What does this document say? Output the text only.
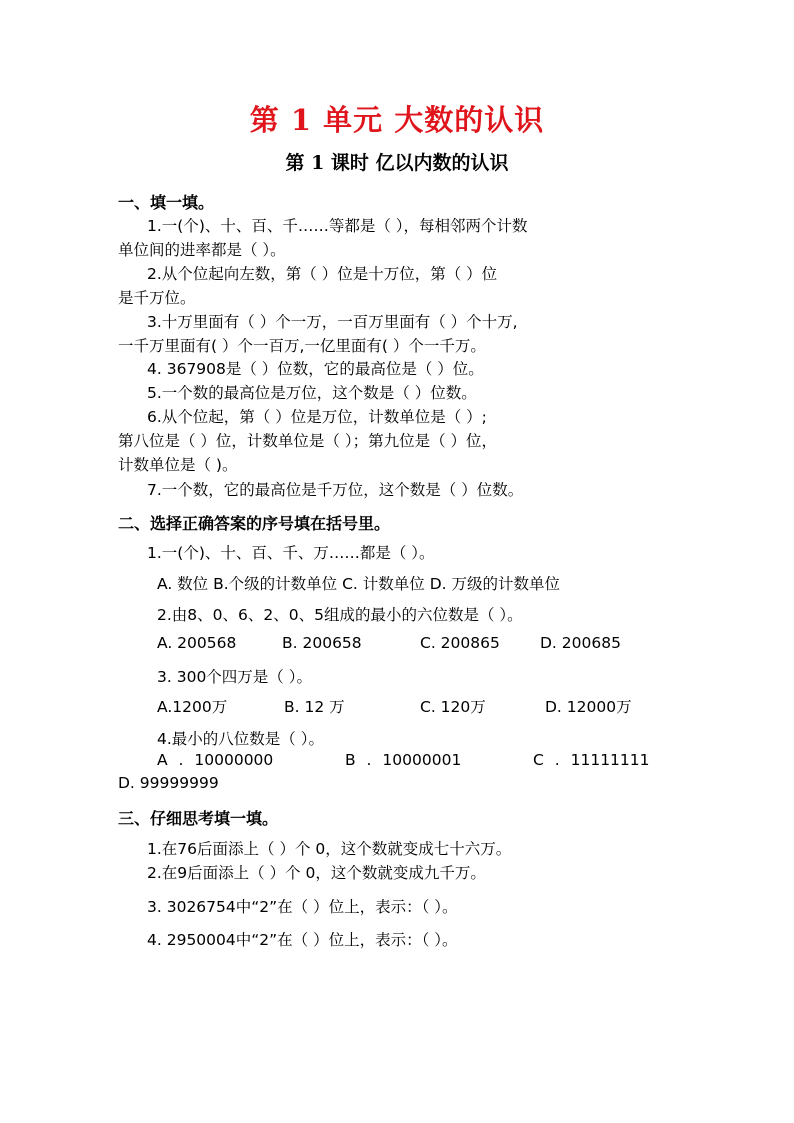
第 1 单元 大数的认识
第 1 课时 亿以内数的认识
一、填一填。
1.一(个)、十、百、千……等都是（ ），每相邻两个计数
单位间的进率都是（ ）。
2.从个位起向左数，第（ ）位是十万位，第（ ）位
是千万位。
3.十万里面有（ ）个一万，一百万里面有（ ）个十万,
一千万里面有( ）个一百万,一亿里面有( ）个一千万。
4. 367908是（ ）位数，它的最高位是（ ）位。
5.一个数的最高位是万位，这个数是（ ）位数。
6.从个位起，第（ ）位是万位，计数单位是（ ）;
第八位是（ ）位，计数单位是（ ）；第九位是（ ）位，
计数单位是（ )。
7.一个数，它的最高位是千万位，这个数是（ ）位数。
二、选择正确答案的序号填在括号里。
1.一(个)、十、百、千、万……都是（ ）。
A. 数位 B.个级的计数单位 C. 计数单位 D. 万级的计数单位
2.由8、0、6、2、0、5组成的最小的六位数是（ ）。
A. 200568	B. 200658	C. 200865	D. 200685
3. 300个四万是（ ）。
A.1200万	B. 12 万	C. 120万	D. 12000万
4.最小的八位数是（ ）。
A . 10000000	B . 10000001	C . 11111111
D. 99999999
三、仔细思考填一填。
1.在76后面添上（ ）个 0，这个数就变成七十六万。
2.在9后面添上（ ）个 0，这个数就变成九千万。
3. 3026754中“2”在（ ）位上，表示：（ ）。
4. 2950004中“2”在（ ）位上，表示：（ ）。
